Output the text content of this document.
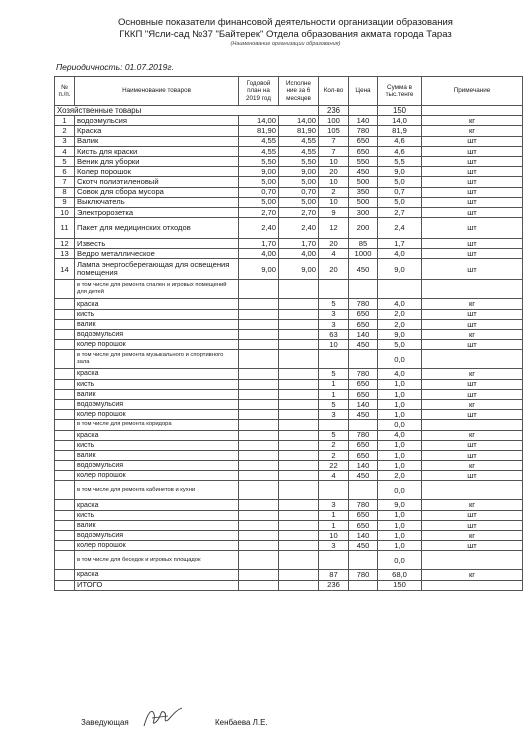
Основные показатели финансовой деятельности организации образования
ГККП "Ясли-сад №37 "Байтерек" Отдела образования акмата города Тараз
(Наименование организации образования)
Периодичность: 01.07.2019г.
№ п./п.	Наименование товаров	Годовой план на 2019 год	Исполне ние за 6 месяцев	Кол-во	Цена	Сумма в тыс.тенге	Примечание
Хозяйственные товары				236		150	
1	водоэмульсия	14,00	14,00	100	140	14,0	кг
2	Краска	81,90	81,90	105	780	81,9	кг
3	Валик	4,55	4,55	7	650	4,6	шт
4	Кисть для краски	4,55	4,55	7	650	4,6	шт
5	Веник для уборки	5,50	5,50	10	550	5,5	шт
6	Колер порошок	9,00	9,00	20	450	9,0	шт
7	Скотч полиэтиленовый	5,00	5,00	10	500	5,0	шт
8	Совок для сбора мусора	0,70	0,70	2	350	0,7	шт
9	Выключатель	5,00	5,00	10	500	5,0	шт
10	Электророзетка	2,70	2,70	9	300	2,7	шт
11	Пакет для медицинских отходов	2,40	2,40	12	200	2,4	шт
12	Известь	1,70	1,70	20	85	1,7	шт
13	Ведро металлическое	4,00	4,00	4	1000	4,0	шт
14	Лампа энергосберегающая для освещения помещения	9,00	9,00	20	450	9,0	шт
	в том числе для ремонта спален и игровых помещений для детей						
	краска			5	780	4,0	кг
	кисть			3	650	2,0	шт
	валик			3	650	2,0	шт
	водоэмульсия			63	140	9,0	кг
	колер порошок			10	450	5,0	шт
	в том числе для ремонта музыкального и спортивного зала					0,0	
	краска			5	780	4,0	кг
	кисть			1	650	1,0	шт
	валик			1	650	1,0	шт
	водоэмульсия			5	140	1,0	кг
	колер порошок			3	450	1,0	шт
	в том числе для ремонта коридора					0,0	
	краска			5	780	4,0	кг
	кисть			2	650	1,0	шт
	валик			2	650	1,0	шт
	водоэмульсия			22	140	1,0	кг
	колер порошок			4	450	2,0	шт
	в том числе для ремонта кабинетов и кухни					0,0	
	краска			3	780	9,0	кг
	кисть			1	650	1,0	шт
	валик			1	650	1,0	шт
	водоэмульсия			10	140	1,0	кг
	колер порошок			3	450	1,0	шт
	в том числе для беседок и игровых площадок					0,0	
	краска			87	780	68,0	кг
	ИТОГО			236		150	
Заведующая	Кенбаева Л.Е.
